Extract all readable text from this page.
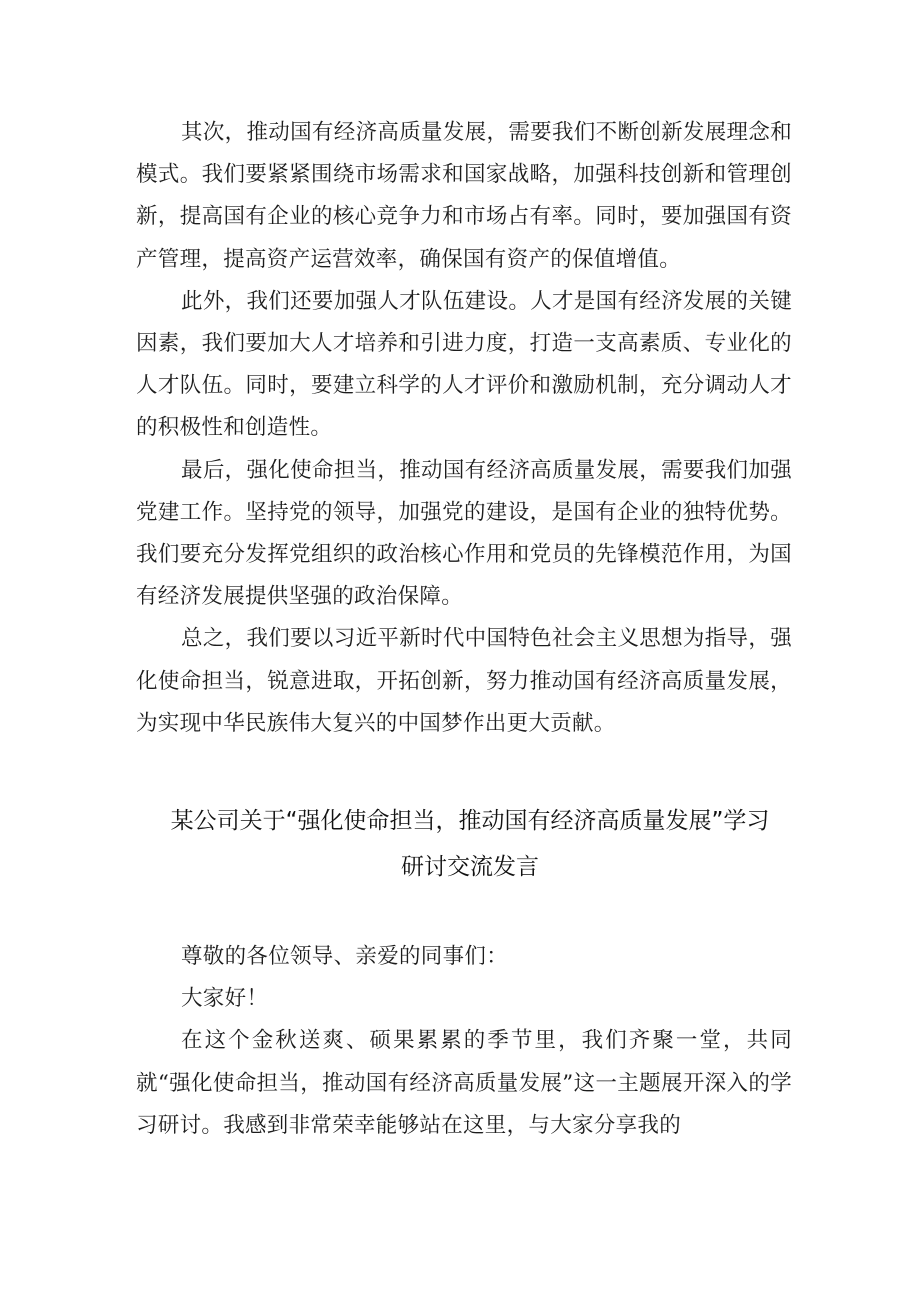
其次，推动国有经济高质量发展，需要我们不断创新发展理念和模式。我们要紧紧围绕市场需求和国家战略，加强科技创新和管理创新，提高国有企业的核心竞争力和市场占有率。同时，要加强国有资产管理，提高资产运营效率，确保国有资产的保值增值。

此外，我们还要加强人才队伍建设。人才是国有经济发展的关键因素，我们要加大人才培养和引进力度，打造一支高素质、专业化的人才队伍。同时，要建立科学的人才评价和激励机制，充分调动人才的积极性和创造性。

最后，强化使命担当，推动国有经济高质量发展，需要我们加强党建工作。坚持党的领导，加强党的建设，是国有企业的独特优势。我们要充分发挥党组织的政治核心作用和党员的先锋模范作用，为国有经济发展提供坚强的政治保障。

总之，我们要以习近平新时代中国特色社会主义思想为指导，强化使命担当，锐意进取，开拓创新，努力推动国有经济高质量发展，为实现中华民族伟大复兴的中国梦作出更大贡献。

某公司关于“强化使命担当，推动国有经济高质量发展”学习
研讨交流发言

尊敬的各位领导、亲爱的同事们：

大家好！

在这个金秋送爽、硕果累累的季节里，我们齐聚一堂，共同就“强化使命担当，推动国有经济高质量发展”这一主题展开深入的学习研讨。我感到非常荣幸能够站在这里，与大家分享我的
